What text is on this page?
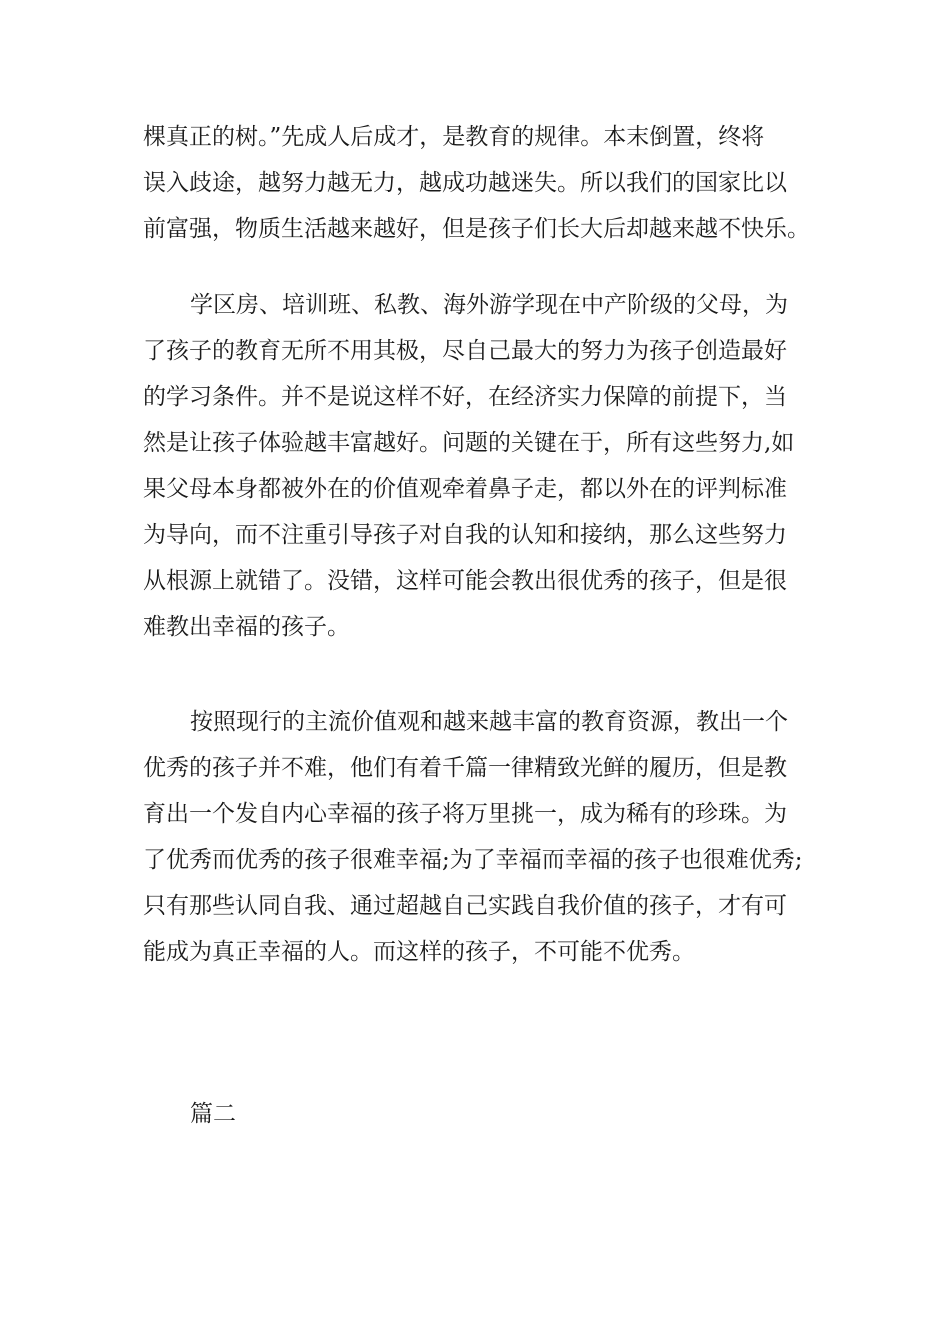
棵真正的树。”先成人后成才，是教育的规律。本末倒置，终将
误入歧途，越努力越无力，越成功越迷失。所以我们的国家比以
前富强，物质生活越来越好，但是孩子们长大后却越来越不快乐。

学区房、培训班、私教、海外游学现在中产阶级的父母，为
了孩子的教育无所不用其极，尽自己最大的努力为孩子创造最好
的学习条件。并不是说这样不好，在经济实力保障的前提下，当
然是让孩子体验越丰富越好。问题的关键在于，所有这些努力,如
果父母本身都被外在的价值观牵着鼻子走，都以外在的评判标准
为导向，而不注重引导孩子对自我的认知和接纳，那么这些努力
从根源上就错了。没错，这样可能会教出很优秀的孩子，但是很
难教出幸福的孩子。

按照现行的主流价值观和越来越丰富的教育资源，教出一个
优秀的孩子并不难，他们有着千篇一律精致光鲜的履历，但是教
育出一个发自内心幸福的孩子将万里挑一，成为稀有的珍珠。为
了优秀而优秀的孩子很难幸福;为了幸福而幸福的孩子也很难优秀;
只有那些认同自我、通过超越自己实践自我价值的孩子，才有可
能成为真正幸福的人。而这样的孩子，不可能不优秀。

篇二
